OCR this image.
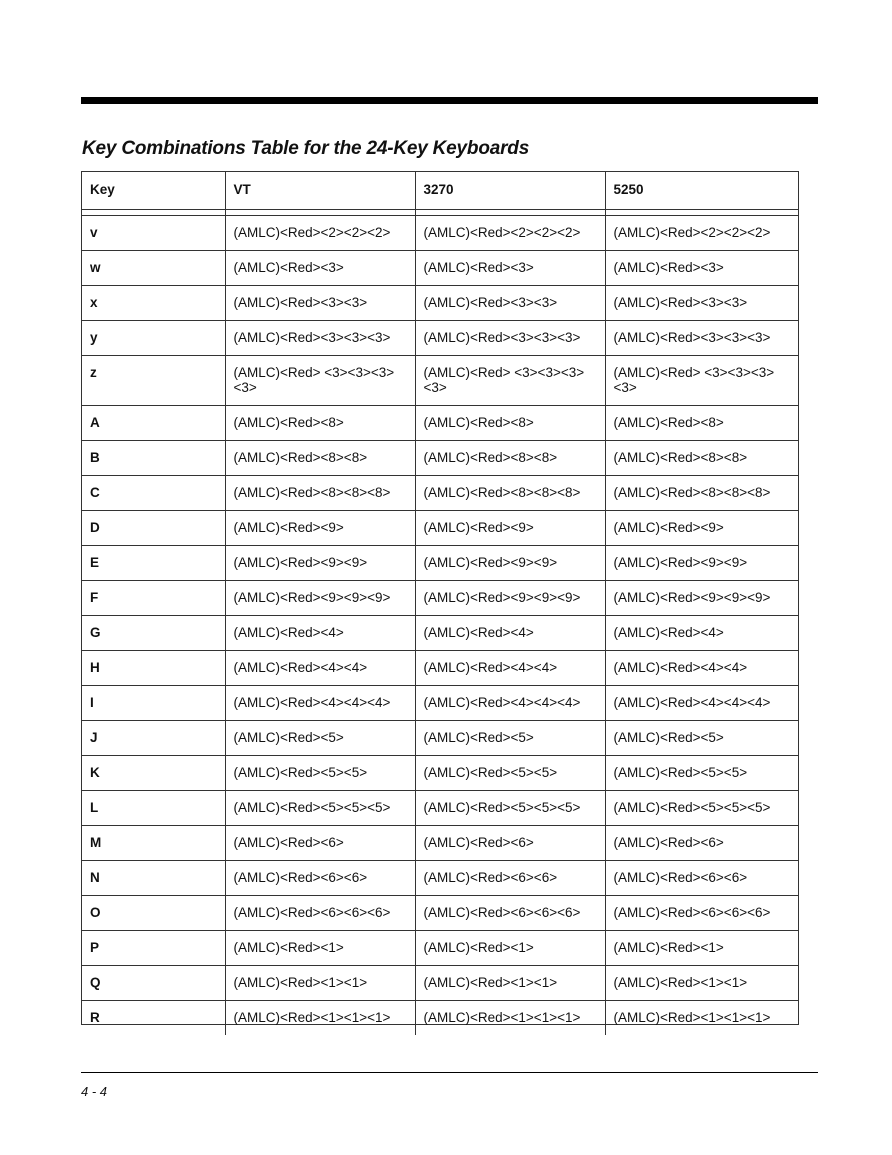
Key Combinations Table for the 24-Key Keyboards
Key	VT	3270	5250

v	(AMLC)<Red><2><2><2>	(AMLC)<Red><2><2><2>	(AMLC)<Red><2><2><2>
w	(AMLC)<Red><3>	(AMLC)<Red><3>	(AMLC)<Red><3>
x	(AMLC)<Red><3><3>	(AMLC)<Red><3><3>	(AMLC)<Red><3><3>
y	(AMLC)<Red><3><3><3>	(AMLC)<Red><3><3><3>	(AMLC)<Red><3><3><3>
z	(AMLC)<Red> <3><3><3><3>	(AMLC)<Red> <3><3><3><3>	(AMLC)<Red> <3><3><3><3>
A	(AMLC)<Red><8>	(AMLC)<Red><8>	(AMLC)<Red><8>
B	(AMLC)<Red><8><8>	(AMLC)<Red><8><8>	(AMLC)<Red><8><8>
C	(AMLC)<Red><8><8><8>	(AMLC)<Red><8><8><8>	(AMLC)<Red><8><8><8>
D	(AMLC)<Red><9>	(AMLC)<Red><9>	(AMLC)<Red><9>
E	(AMLC)<Red><9><9>	(AMLC)<Red><9><9>	(AMLC)<Red><9><9>
F	(AMLC)<Red><9><9><9>	(AMLC)<Red><9><9><9>	(AMLC)<Red><9><9><9>
G	(AMLC)<Red><4>	(AMLC)<Red><4>	(AMLC)<Red><4>
H	(AMLC)<Red><4><4>	(AMLC)<Red><4><4>	(AMLC)<Red><4><4>
I	(AMLC)<Red><4><4><4>	(AMLC)<Red><4><4><4>	(AMLC)<Red><4><4><4>
J	(AMLC)<Red><5>	(AMLC)<Red><5>	(AMLC)<Red><5>
K	(AMLC)<Red><5><5>	(AMLC)<Red><5><5>	(AMLC)<Red><5><5>
L	(AMLC)<Red><5><5><5>	(AMLC)<Red><5><5><5>	(AMLC)<Red><5><5><5>
M	(AMLC)<Red><6>	(AMLC)<Red><6>	(AMLC)<Red><6>
N	(AMLC)<Red><6><6>	(AMLC)<Red><6><6>	(AMLC)<Red><6><6>
O	(AMLC)<Red><6><6><6>	(AMLC)<Red><6><6><6>	(AMLC)<Red><6><6><6>
P	(AMLC)<Red><1>	(AMLC)<Red><1>	(AMLC)<Red><1>
Q	(AMLC)<Red><1><1>	(AMLC)<Red><1><1>	(AMLC)<Red><1><1>
R	(AMLC)<Red><1><1><1>	(AMLC)<Red><1><1><1>	(AMLC)<Red><1><1><1>
4 - 4
